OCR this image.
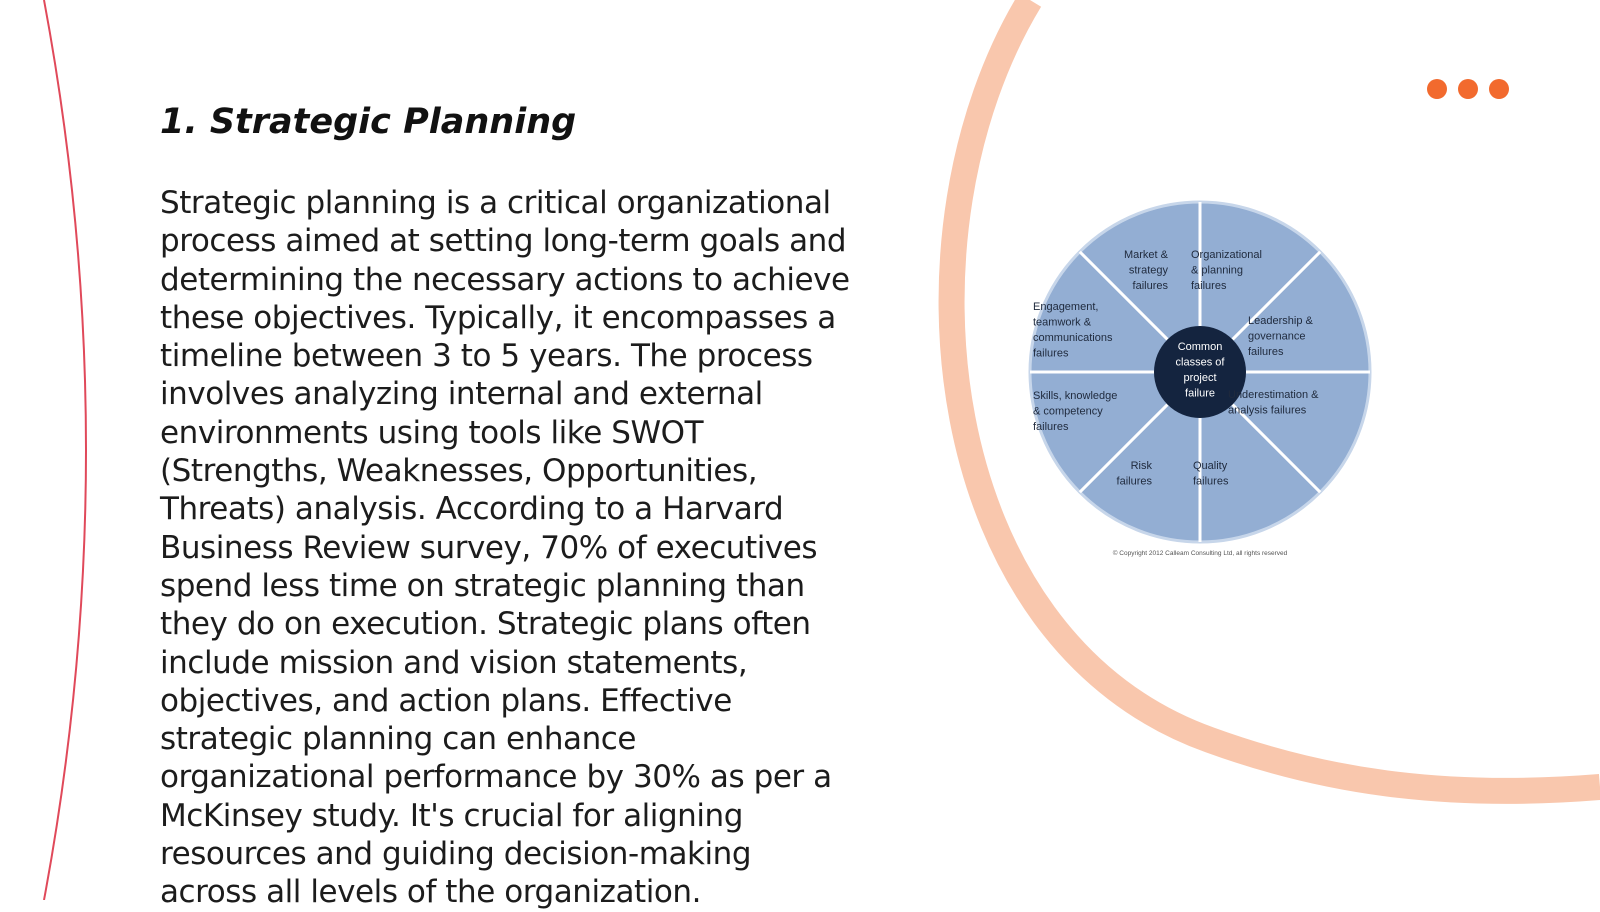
1. Strategic Planning

Strategic planning is a critical organizational process aimed at setting long-term goals and determining the necessary actions to achieve these objectives. Typically, it encompasses a timeline between 3 to 5 years. The process involves analyzing internal and external environments using tools like SWOT (Strengths, Weaknesses, Opportunities, Threats) analysis. According to a Harvard Business Review survey, 70% of executives spend less time on strategic planning than they do on execution. Strategic plans often include mission and vision statements, objectives, and action plans. Effective strategic planning can enhance organizational performance by 30% as per a McKinsey study. It's crucial for aligning resources and guiding decision-making across all levels of the organization.

Common
classes of
project
failure
Market &
strategy
failures
Organizational
& planning
failures
Leadership &
governance
failures
Underestimation &
analysis failures
Quality
failures
Risk
failures
Skills, knowledge
& competency
failures
Engagement,
teamwork &
communications
failures
© Copyright 2012 Calleam Consulting Ltd, all rights reserved
